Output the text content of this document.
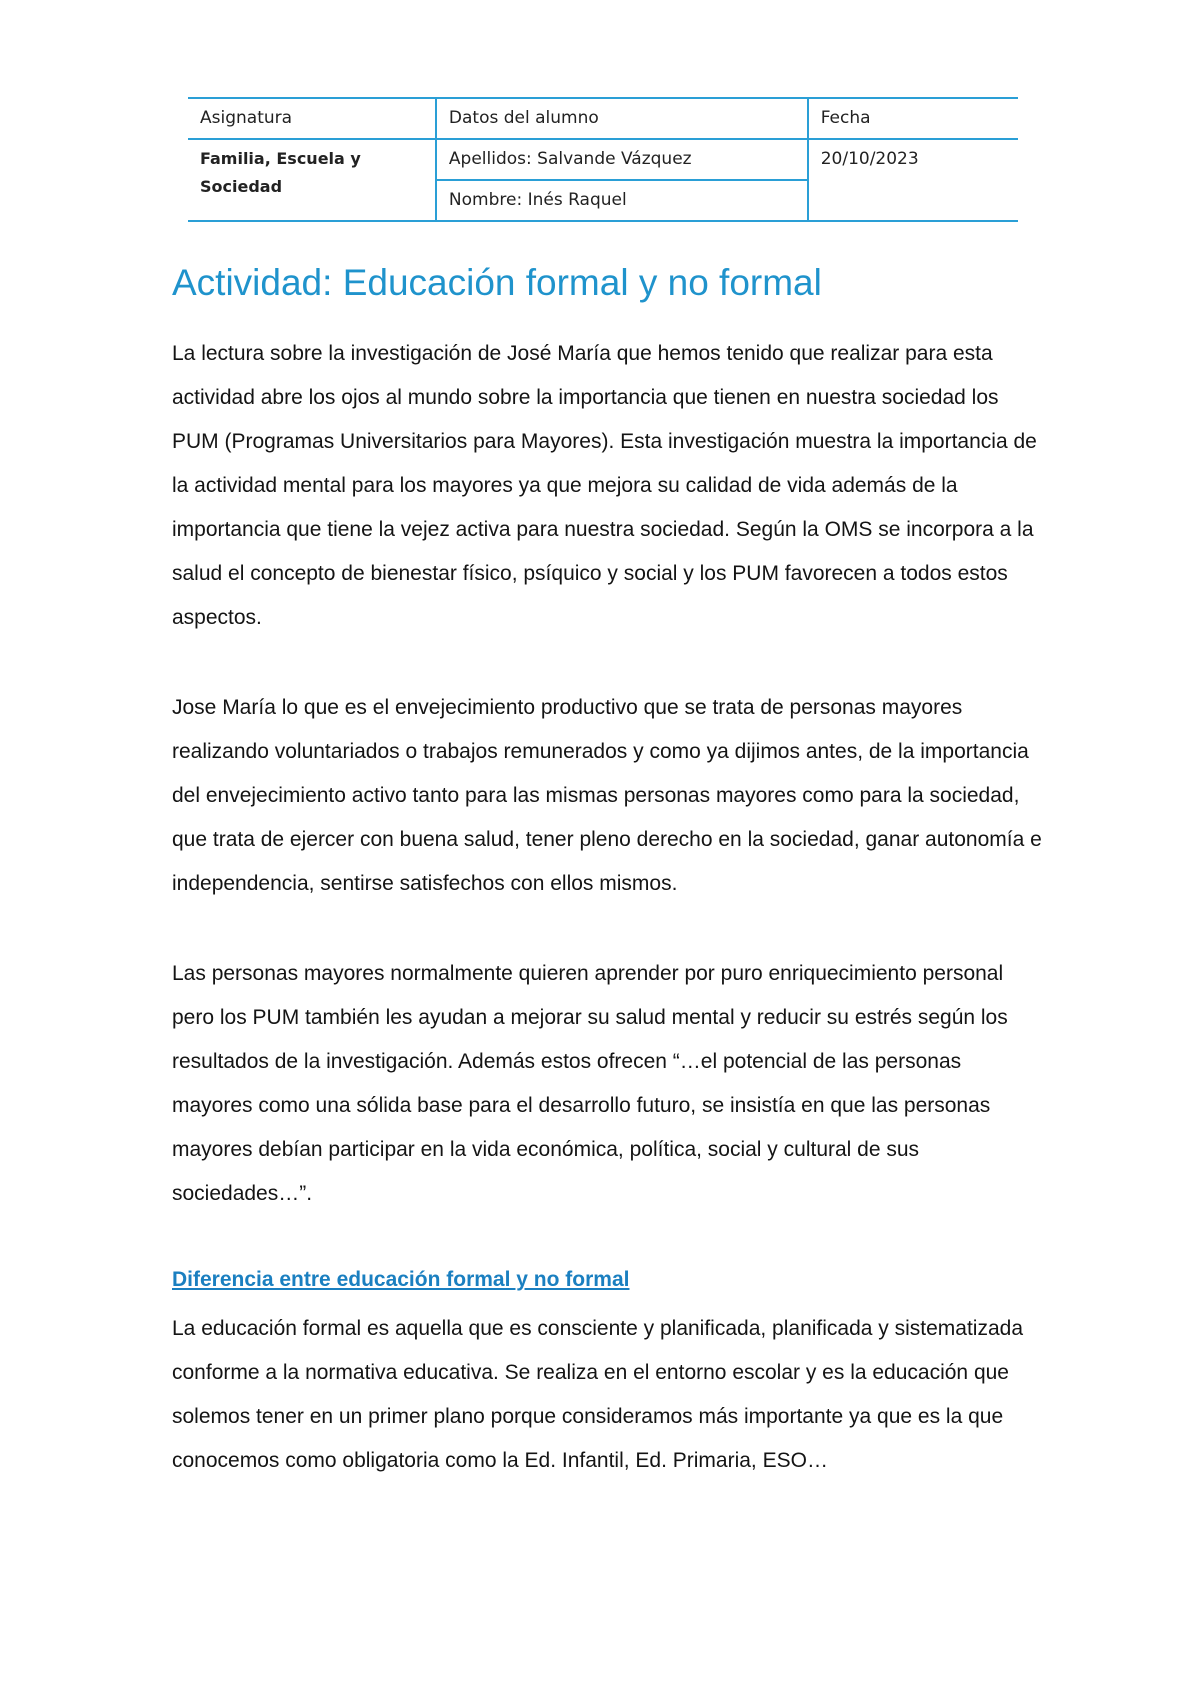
Asignatura	Datos del alumno	Fecha
Familia, Escuela y
Sociedad	Apellidos: Salvande Vázquez	20/10/2023
	Nombre: Inés Raquel	
Actividad: Educación formal y no formal

La lectura sobre la investigación de José María que hemos tenido que realizar para esta actividad abre los ojos al mundo sobre la importancia que tienen en nuestra sociedad los PUM (Programas Universitarios para Mayores). Esta investigación muestra la importancia de la actividad mental para los mayores ya que mejora su calidad de vida además de la importancia que tiene la vejez activa para nuestra sociedad. Según la OMS se incorpora a la salud el concepto de bienestar físico, psíquico y social y los PUM favorecen a todos estos aspectos.

Jose María lo que es el envejecimiento productivo que se trata de personas mayores realizando voluntariados o trabajos remunerados y como ya dijimos antes, de la importancia del envejecimiento activo tanto para las mismas personas mayores como para la sociedad, que trata de ejercer con buena salud, tener pleno derecho en la sociedad, ganar autonomía e independencia, sentirse satisfechos con ellos mismos.

Las personas mayores normalmente quieren aprender por puro enriquecimiento personal pero los PUM también les ayudan a mejorar su salud mental y reducir su estrés según los resultados de la investigación. Además estos ofrecen “…el potencial de las personas mayores como una sólida base para el desarrollo futuro, se insistía en que las personas mayores debían participar en la vida económica, política, social y cultural de sus sociedades…”.

Diferencia entre educación formal y no formal

La educación formal es aquella que es consciente y planificada, planificada y sistematizada conforme a la normativa educativa. Se realiza en el entorno escolar y es la educación que solemos tener en un primer plano porque consideramos más importante ya que es la que conocemos como obligatoria como la Ed. Infantil, Ed. Primaria, ESO…
